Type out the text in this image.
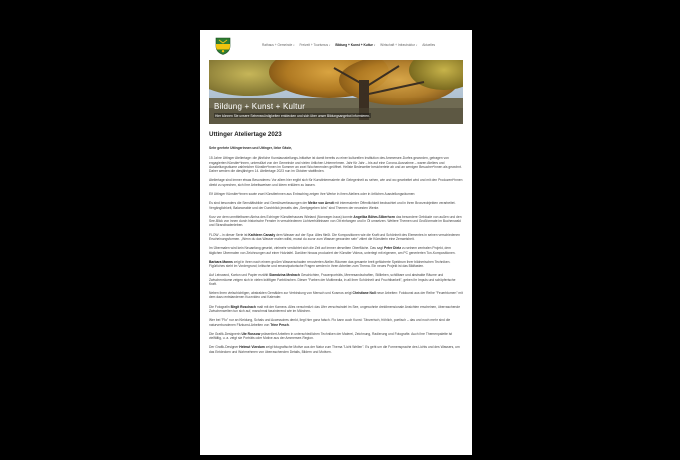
Rathaus + Gemeinde ▾ Freizeit + Tourismus ▾ Bildung + Kunst + Kultur ▾ Wirtschaft + Infrastruktur ▾ Aktuelles
Bildung + Kunst + Kultur
Hier können Sie unsere Sehenswürdigkeiten entdecken und sich über unser Bildungsangebot informieren.
Uttinger Ateliertage 2023

Sehr geehrte Uttingerinnen und Uttinger, liebe Gäste,

15 Jahre Uttinger Ateliertage: die jährliche Kunstausstellungs-Initiative ist damit bereits zu einer kulturellen Institution des Ammersee-Dorfes geworden, getragen von engagierten Künstler*innen, unterstützt von der Gemeinde und vielen örtlichen Unternehmen. Jahr für Jahr – bis auf eine Corona-Ausnahme – waren Ateliers und Ausstellungsräume zahlreicher Künstler*innen im Sommer an zwei Wochenenden geöffnet. Hellste Bedeweiter besichertete ab und an wenigen Besucher*innen als gewohnt. Daher werden die diesjährigen 14. Ateliertage 2023 nun im Oktober stattfinden.

Ateliertage sind immer etwas Besonderes: Vor allem hier ergibt sich für Kunstinteressierte die Gelegenheit zu sehen, wie und wo gearbeitet wird und mit den Produzent*innen direkt zu sprechen, sich ihre Arbeitsweisen und Ideen erklären zu lassen.

Elf Uttinger Künstler*innen sowie zwei Künstlerinnen aus Entraching zeigen ihre Werke in ihren Ateliers oder in örtlichen Ausstellungsräumen:

Es sind besonders die Sensitätsbilde und Gemütsverfassungen der Meike von Arndt mit interessierter Öffentlichkeit beobachtet und in ihren Bronzeobjekten verarbeitet. Vergänglichkeit, Balanceakte und der Durchblick jenseits des „Seetgegeben Ichs" sind Themen der neuesten Werke.

Kurz vor dem unmittelbaren Abriss des Echinger Künstlerhauses Wieland (Norweger-haus) konnte Angelika Böhm-Silberhorn das besondere Gebäude von außen und den See-Blick von innen durch historische Fenster in verschiedenen Lichtverhältnissen von Ott einfangen und in Öl umsetzen. Weitere Themen und Großformate im Buchenwald und Strandbadenleben.

FLOW – in dieser Serie ist Kathleen Canady dem Wasser auf der Spur. Alles fließt. Die Kompositionen wie die Kraft und Schönheit des Elementes in seinen verschiedenen Erscheinungsformen. „Wenn du das Wasser malen willst, musst du zuvor zum Wasser geworden sein" zitiert die Künstlerin eine Zenweisheit.

Im Übermalen wird kein Neuanfang gesetzt, vielmehr verdichtet sich die Zeit auf immer derselben Oberfläche. Das sagt Peter Dietz zu seinem zentralen Projekt, dem täglichen Übermalen von Zeichnungen auf einer Holztafel. Darüber hinaus produziert der Künstler Videos, unterlegt mit eigenem, am PC generierten Ton-Kompositionen.

Barbara Manns zeigt in ihren nach einem großen Wasserschaden renovierten Atelier-Räumen das gesamte breit gefächerte Spektrum ihrer bildnerischen Techniken. Figürliches steht im Vordergrund; kritische und emanzipatorische Fragen werden in ihren Arbeiten zum Thema. Ein neues Projekt ist das Bildfasten.

Auf Leinwand, Karton und Papier erzählt Siamdzina Medrach Geschichten, Frauenporträts, Meeresandschaften, Stillleben, schillbare und abstrakte Räume und Zwischenräume zeigen sich in vielen kräftigen Farbtönchen. Dieser "Farben der Multimedia, in all ihrer Schönheit und Fruchtbarkeit", geben ihr Impuls und schöpferische Kraft.

Neben ihren vielschichtigen, abstrakten Gemälden zur Verbindung von Mensch und Kosmos zeigt Christiane Noll neue Arbeiten: Fotokunst aus der Reihe "Feuerblumen" mit dem dazu entstandenen Kurzvideo und Kalender.

Die Fotografin Birgit Roschach malt mit der Kamera. Alles verschmilzt: das Ufer verschwindet im See, ungewohnte dreidimensionale Ansichten erscheinen, überraschende Zwischenwelten tun sich auf, manchmal faszinierend wie im Märchen.

Wer bei "Flo" nur an Kleidung, Schals und Accessoires denkt, liegt hier ganz falsch. Flo kann auch Kunst: Tänzerisch, fröhlich, poetisch – das und noch mehr sind die naturverbundenen Filzkunst-Arbeiten von Trine Pesch.

Die Grafik-Designerin Ute Rossow präsentiert Arbeiten in unterschiedlichen Techniken der Malerei, Zeichnung, Radierung und Fotografie. Auch ihre Themenpalette ist vielfältig, u. a. zeigt sie Porträts oder Motive aus der Ammersee-Region.

Der Grafik-Designer Helmut Vizedum zeigt fotografische Motive aus der Natur zum Thema "Licht Wellen". Es geht um die Formensprache des Lichts und des Wassers, um das Entdecken und Wahrnehmen von überraschenden Details, Bildern und Motiven.
